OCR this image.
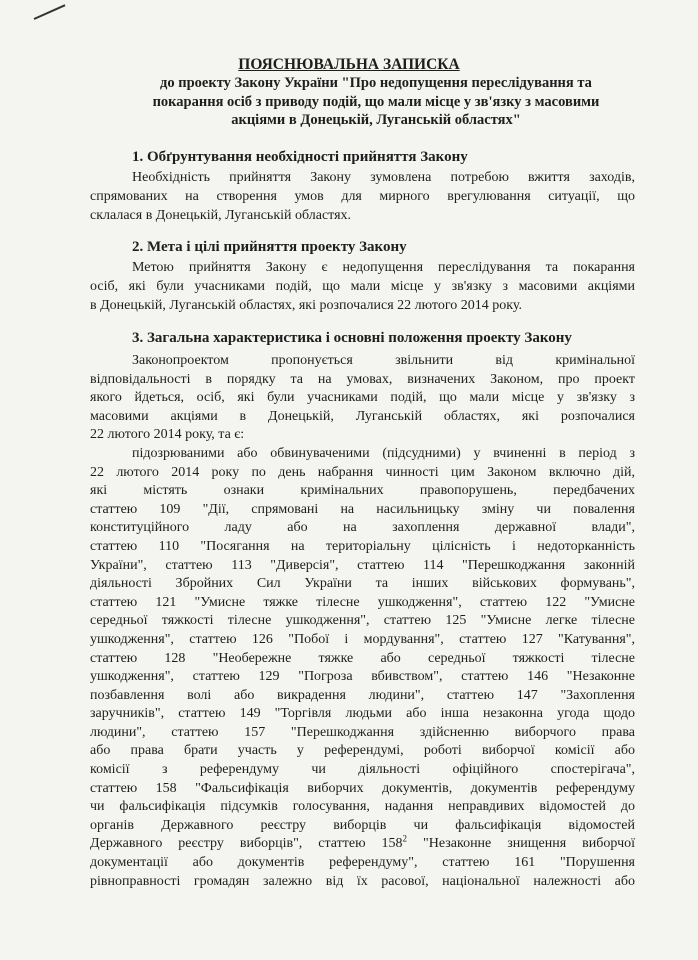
ПОЯСНЮВАЛЬНА ЗАПИСКА
до проекту Закону України "Про недопущення переслідування та
покарання осіб з приводу подій, що мали місце у зв'язку з масовими
акціями в Донецькій, Луганській областях"
1. Обґрунтування необхідності прийняття Закону
Необхідність прийняття Закону зумовлена потребою вжиття заходів,
спрямованих на створення умов для мирного врегулювання ситуації, що
склалася в Донецькій, Луганській областях.
2. Мета і цілі прийняття проекту Закону
Метою прийняття Закону є недопущення переслідування та покарання
осіб, які були учасниками подій, що мали місце у зв'язку з масовими акціями
в Донецькій, Луганській областях, які розпочалися 22 лютого 2014 року.
3. Загальна характеристика і основні положення проекту Закону
Законопроектом пропонується звільнити від кримінальної
відповідальності в порядку та на умовах, визначених Законом, про проект
якого йдеться, осіб, які були учасниками подій, що мали місце у зв'язку з
масовими акціями в Донецькій, Луганській областях, які розпочалися
22 лютого 2014 року, та є:
підозрюваними або обвинуваченими (підсудними) у вчиненні в період з
22 лютого 2014 року по день набрання чинності цим Законом включно дій,
які містять ознаки кримінальних правопорушень, передбачених
статтею 109 "Дії, спрямовані на насильницьку зміну чи повалення
конституційного ладу або на захоплення державної влади",
статтею 110 "Посягання на територіальну цілісність і недоторканність
України", статтею 113 "Диверсія", статтею 114 "Перешкоджання законній
діяльності Збройних Сил України та інших військових формувань",
статтею 121 "Умисне тяжке тілесне ушкодження", статтею 122 "Умисне
середньої тяжкості тілесне ушкодження", статтею 125 "Умисне легке тілесне
ушкодження", статтею 126 "Побої і мордування", статтею 127 "Катування",
статтею 128 "Необережне тяжке або середньої тяжкості тілесне
ушкодження", статтею 129 "Погроза вбивством", статтею 146 "Незаконне
позбавлення волі або викрадення людини", статтею 147 "Захоплення
заручників", статтею 149 "Торгівля людьми або інша незаконна угода щодо
людини", статтею 157 "Перешкоджання здійсненню виборчого права
або права брати участь у референдумі, роботі виборчої комісії або
комісії з референдуму чи діяльності офіційного спостерігача",
статтею 158 "Фальсифікація виборчих документів, документів референдуму
чи фальсифікація підсумків голосування, надання неправдивих відомостей до
органів Державного реєстру виборців чи фальсифікація відомостей
Державного реєстру виборців", статтею $158^2$ "Незаконне знищення виборчої
документації або документів референдуму", статтею 161 "Порушення
рівноправності громадян залежно від їх расової, національної належності або
